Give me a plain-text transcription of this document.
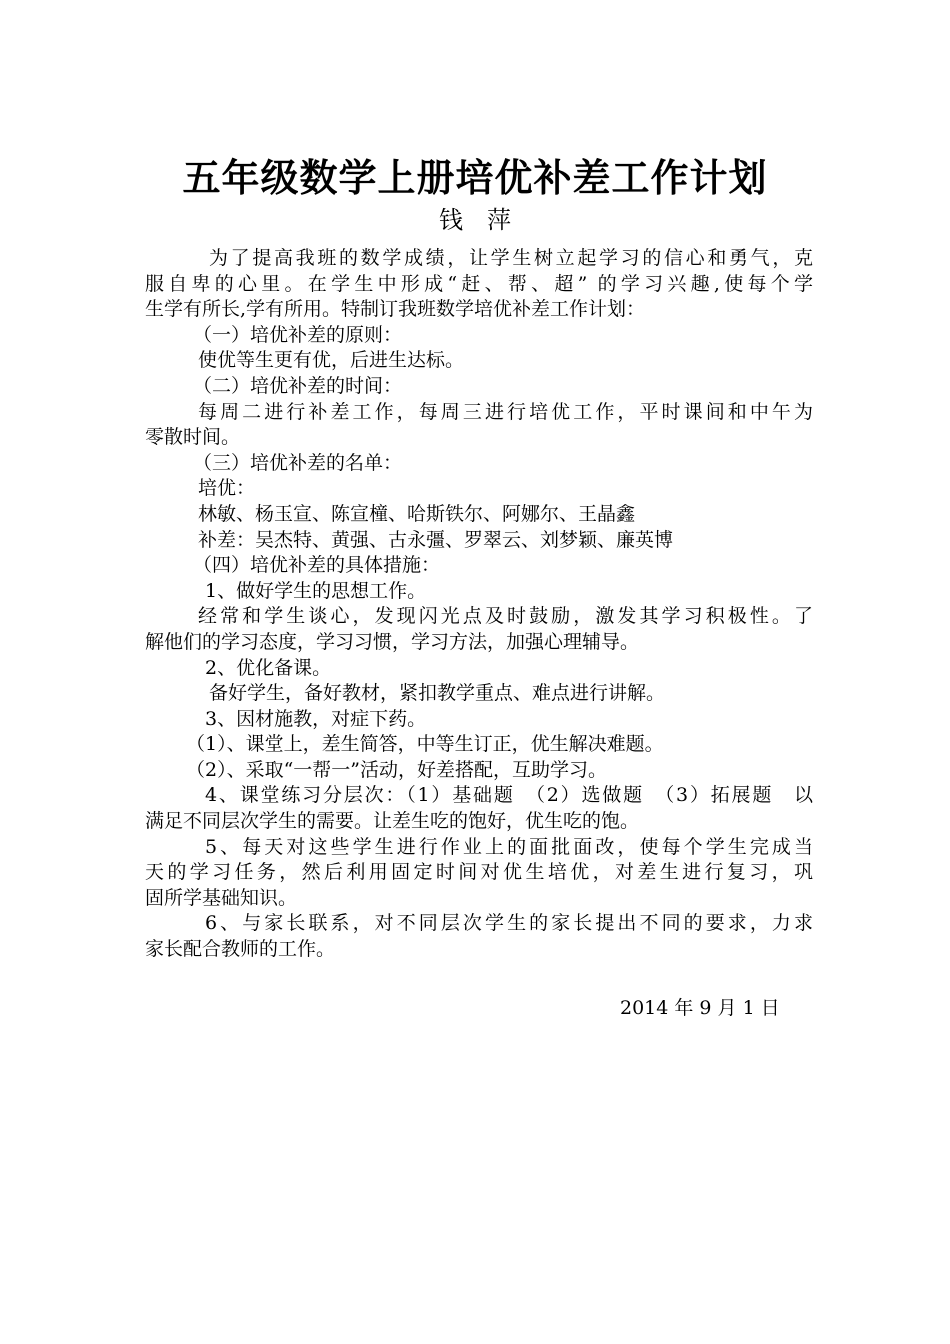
五年级数学上册培优补差工作计划
钱　萍
为了提高我班的数学成绩，让学生树立起学习的信心和勇气，克
服自卑的心里。在学生中形成“赶、帮、超” 的学习兴趣,使每个学
生学有所长,学有所用。特制订我班数学培优补差工作计划：
（一）培优补差的原则：
使优等生更有优，后进生达标。
（二）培优补差的时间：
每周二进行补差工作，每周三进行培优工作，平时课间和中午为
零散时间。
（三）培优补差的名单：
培优：
林敏、杨玉宣、陈宣橦、哈斯铁尔、阿娜尔、王晶鑫
补差：吴杰特、黄强、古永彊、罗翠云、刘梦颖、廉英博
（四）培优补差的具体措施：
1、做好学生的思想工作。
经常和学生谈心，发现闪光点及时鼓励，激发其学习积极性。了
解他们的学习态度，学习习惯，学习方法，加强心理辅导。
2、优化备课。
备好学生，备好教材，紧扣教学重点、难点进行讲解。
3、因材施教，对症下药。
（1）、课堂上，差生简答，中等生订正，优生解决难题。
（2）、采取“一帮一”活动，好差搭配，互助学习。
4、课堂练习分层次：（1）基础题　（2）选做题　（3）拓展题　以
满足不同层次学生的需要。让差生吃的饱好，优生吃的饱。
5、每天对这些学生进行作业上的面批面改，使每个学生完成当
天的学习任务，然后利用固定时间对优生培优，对差生进行复习，巩
固所学基础知识。
6、与家长联系，对不同层次学生的家长提出不同的要求，力求
家长配合教师的工作。
2014 年 9 月 1 日
